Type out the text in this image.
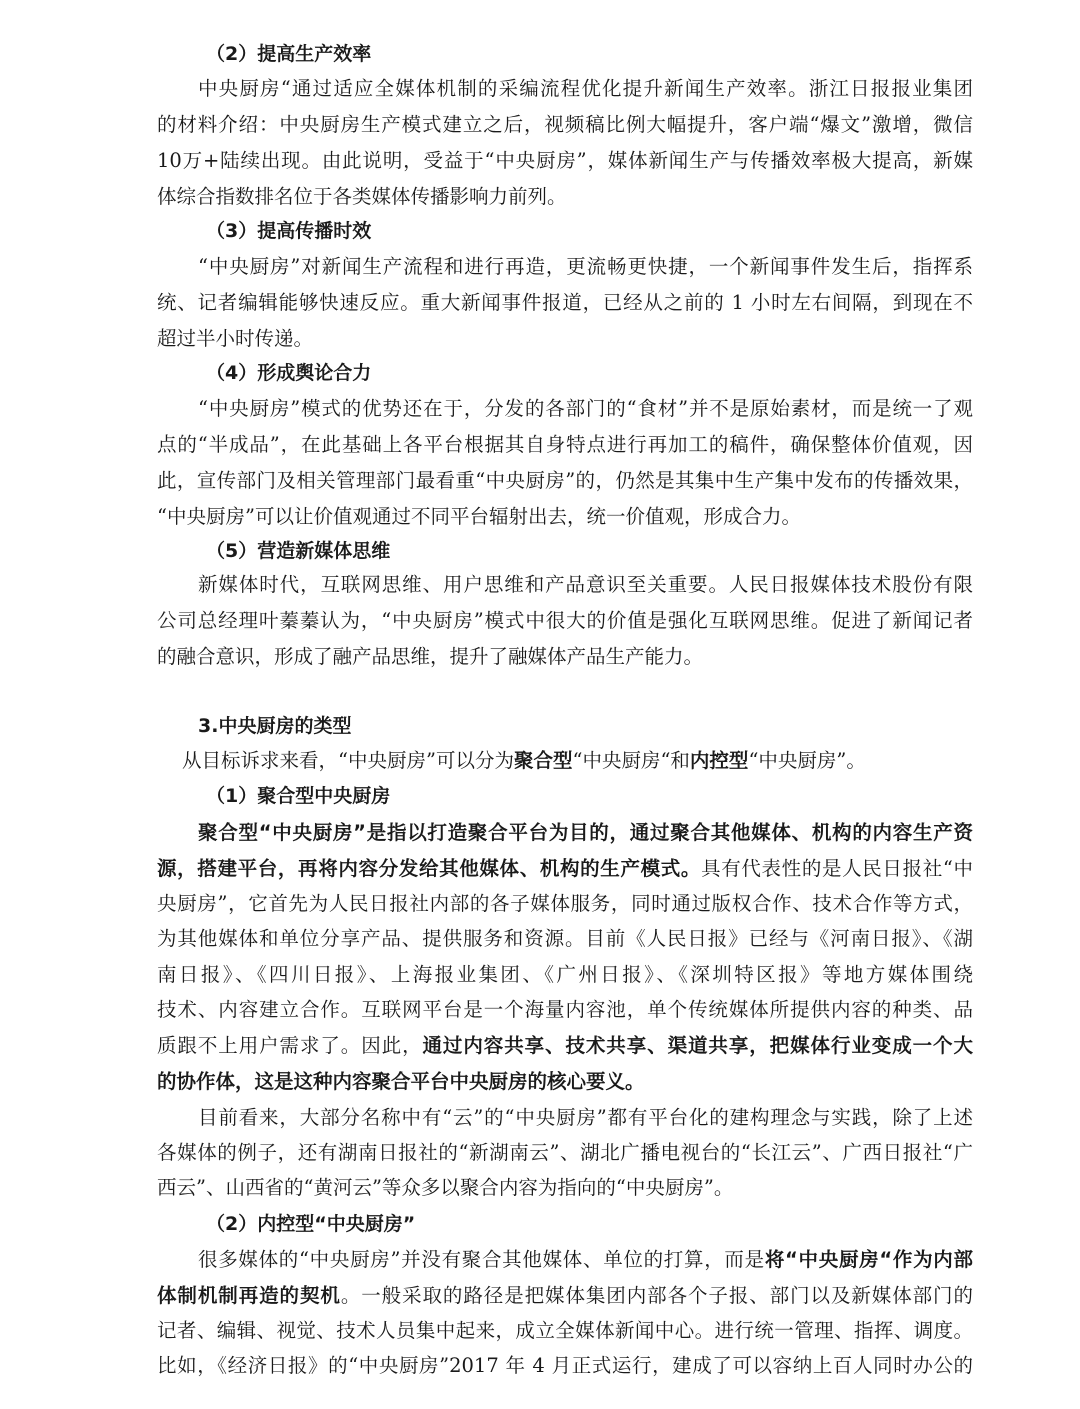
（2）提高生产效率
中央厨房“通过适应全媒体机制的采编流程优化提升新闻生产效率。浙江日报报业集团
的材料介绍：中央厨房生产模式建立之后，视频稿比例大幅提升，客户端“爆文”激增，微信
10万+陆续出现。由此说明，受益于“中央厨房”，媒体新闻生产与传播效率极大提高，新媒
体综合指数排名位于各类媒体传播影响力前列。
（3）提高传播时效
“中央厨房”对新闻生产流程和进行再造，更流畅更快捷，一个新闻事件发生后，指挥系
统、记者编辑能够快速反应。重大新闻事件报道，已经从之前的 1 小时左右间隔，到现在不
超过半小时传递。
（4）形成舆论合力
“中央厨房”模式的优势还在于，分发的各部门的“食材”并不是原始素材，而是统一了观
点的“半成品”，在此基础上各平台根据其自身特点进行再加工的稿件，确保整体价值观，因
此，宣传部门及相关管理部门最看重“中央厨房”的，仍然是其集中生产集中发布的传播效果，
“中央厨房”可以让价值观通过不同平台辐射出去，统一价值观，形成合力。
（5）营造新媒体思维
新媒体时代，互联网思维、用户思维和产品意识至关重要。人民日报媒体技术股份有限
公司总经理叶蓁蓁认为，“中央厨房”模式中很大的价值是强化互联网思维。促进了新闻记者
的融合意识，形成了融产品思维，提升了融媒体产品生产能力。
3.中央厨房的类型
从目标诉求来看，“中央厨房”可以分为聚合型“中央厨房“和内控型“中央厨房”。
（1）聚合型中央厨房
聚合型“中央厨房”是指以打造聚合平台为目的，通过聚合其他媒体、机构的内容生产资
源，搭建平台，再将内容分发给其他媒体、机构的生产模式。具有代表性的是人民日报社“中
央厨房”，它首先为人民日报社内部的各子媒体服务，同时通过版权合作、技术合作等方式，
为其他媒体和单位分享产品、提供服务和资源。目前《人民日报》已经与《河南日报》、《湖
南日报》、《四川日报》、上海报业集团、《广州日报》、《深圳特区报》等地方媒体围绕
技术、内容建立合作。互联网平台是一个海量内容池，单个传统媒体所提供内容的种类、品
质跟不上用户需求了。因此，通过内容共享、技术共享、渠道共享，把媒体行业变成一个大
的协作体，这是这种内容聚合平台中央厨房的核心要义。
目前看来，大部分名称中有“云”的“中央厨房”都有平台化的建构理念与实践，除了上述
各媒体的例子，还有湖南日报社的“新湖南云”、湖北广播电视台的“长江云”、广西日报社“广
西云”、山西省的“黄河云”等众多以聚合内容为指向的“中央厨房”。
（2）内控型“中央厨房”
很多媒体的“中央厨房”并没有聚合其他媒体、单位的打算，而是将“中央厨房“作为内部
体制机制再造的契机。一般采取的路径是把媒体集团内部各个子报、部门以及新媒体部门的
记者、编辑、视觉、技术人员集中起来，成立全媒体新闻中心。进行统一管理、指挥、调度。
比如，《经济日报》的“中央厨房”2017 年 4 月正式运行，建成了可以容纳上百人同时办公的
